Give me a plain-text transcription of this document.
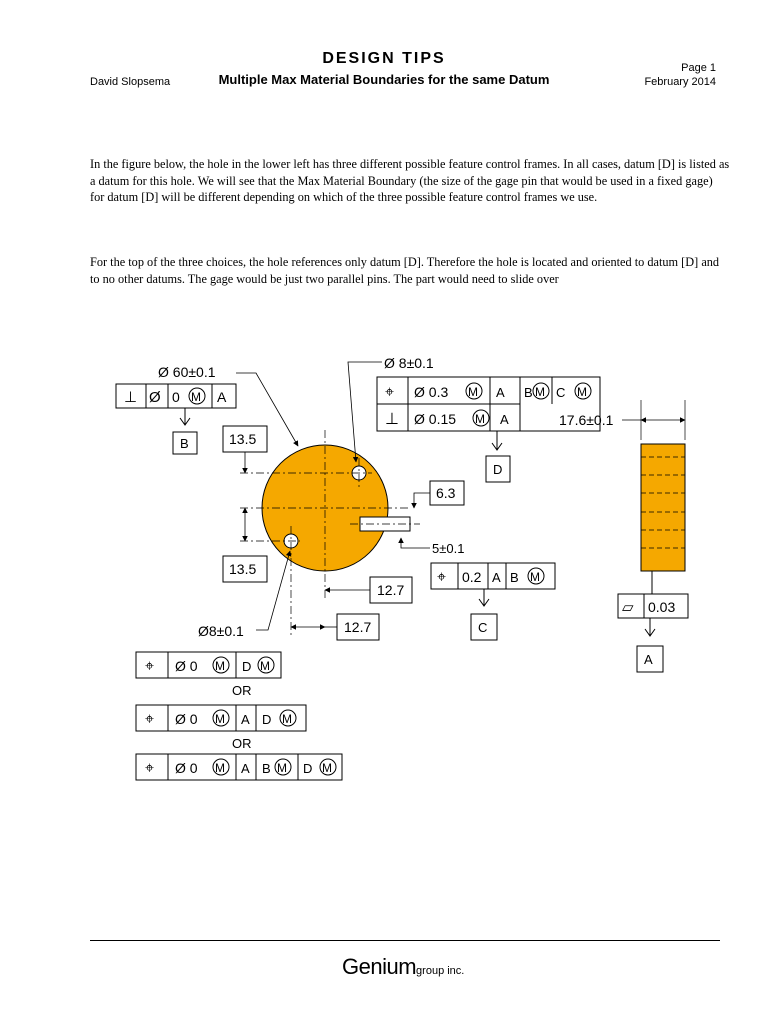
DESIGN TIPS
Page 1
David Slopsema	Multiple Max Material Boundaries for the same Datum	February 2014
In the figure below, the hole in the lower left has three different possible feature control frames. In all cases, datum [D] is listed as a datum for this hole. We will see that the Max Material Boundary (the size of the gage pin that would be used in a fixed gage) for datum [D] will be different depending on which of the three possible feature control frames we use.
For the top of the three choices, the hole references only datum [D]. Therefore the hole is located and oriented to datum [D] and to no other datums. The gage would be just two parallel pins. The part would need to slide over
Ø 60±0.1
⊥ Ø 0 M A
B
Ø 8±0.1
⌖ Ø 0.3 M A B M C M
⊥ Ø 0.15 M A
D
17.6±0.1
▱ 0.03
A
13.5
13.5
6.3
5±0.1
⌖ 0.2 A B M
C
12.7
12.7
Ø8±0.1
⌖ Ø 0 M D M
OR
⌖ Ø 0 M A D M
OR
⌖ Ø 0 M A B M D M
Geniumgroup inc.
